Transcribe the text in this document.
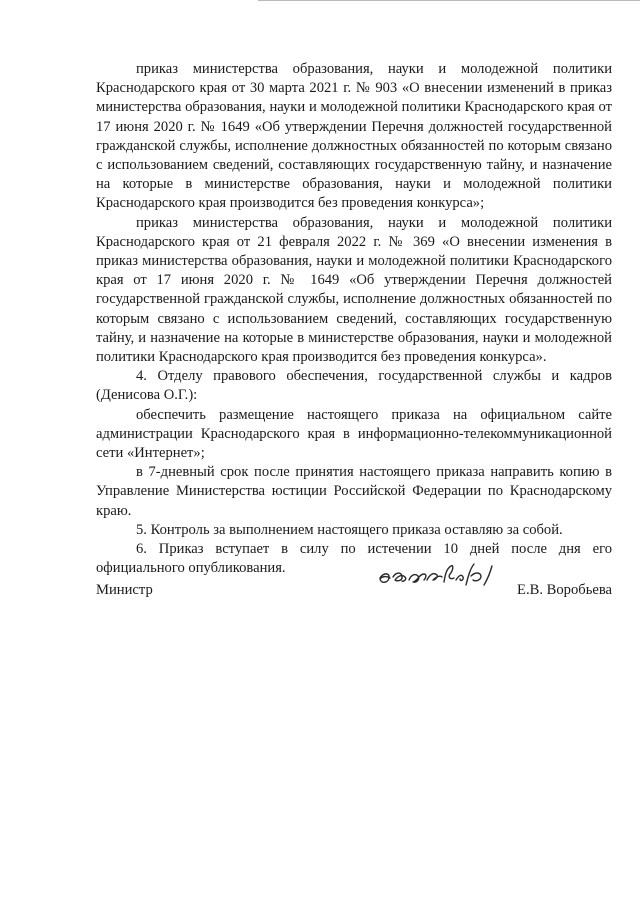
приказ министерства образования, науки и молодежной политики Краснодарского края от 30 марта 2021 г. № 903 «О внесении изменений в приказ министерства образования, науки и молодежной политики Краснодарского края от 17 июня 2020 г. № 1649 «Об утверждении Перечня должностей государственной гражданской службы, исполнение должностных обязанностей по которым связано с использованием сведений, составляющих государственную тайну, и назначение на которые в министерстве образования, науки и молодежной политики Краснодарского края производится без проведения конкурса»;

приказ министерства образования, науки и молодежной политики Краснодарского края от 21 февраля 2022 г. № 369 «О внесении изменения в приказ министерства образования, науки и молодежной политики Краснодарского края от 17 июня 2020 г. № 1649 «Об утверждении Перечня должностей государственной гражданской службы, исполнение должностных обязанностей по которым связано с использованием сведений, составляющих государственную тайну, и назначение на которые в министерстве образования, науки и молодежной политики Краснодарского края производится без проведения конкурса».

4. Отделу правового обеспечения, государственной службы и кадров (Денисова О.Г.):

обеспечить размещение настоящего приказа на официальном сайте администрации Краснодарского края в информационно-телекоммуникационной сети «Интернет»;

в 7-дневный срок после принятия настоящего приказа направить копию в Управление Министерства юстиции Российской Федерации по Краснодарскому краю.

5. Контроль за выполнением настоящего приказа оставляю за собой.

6. Приказ вступает в силу по истечении 10 дней после дня его официального опубликования.

Министр	Е.В. Воробьева
